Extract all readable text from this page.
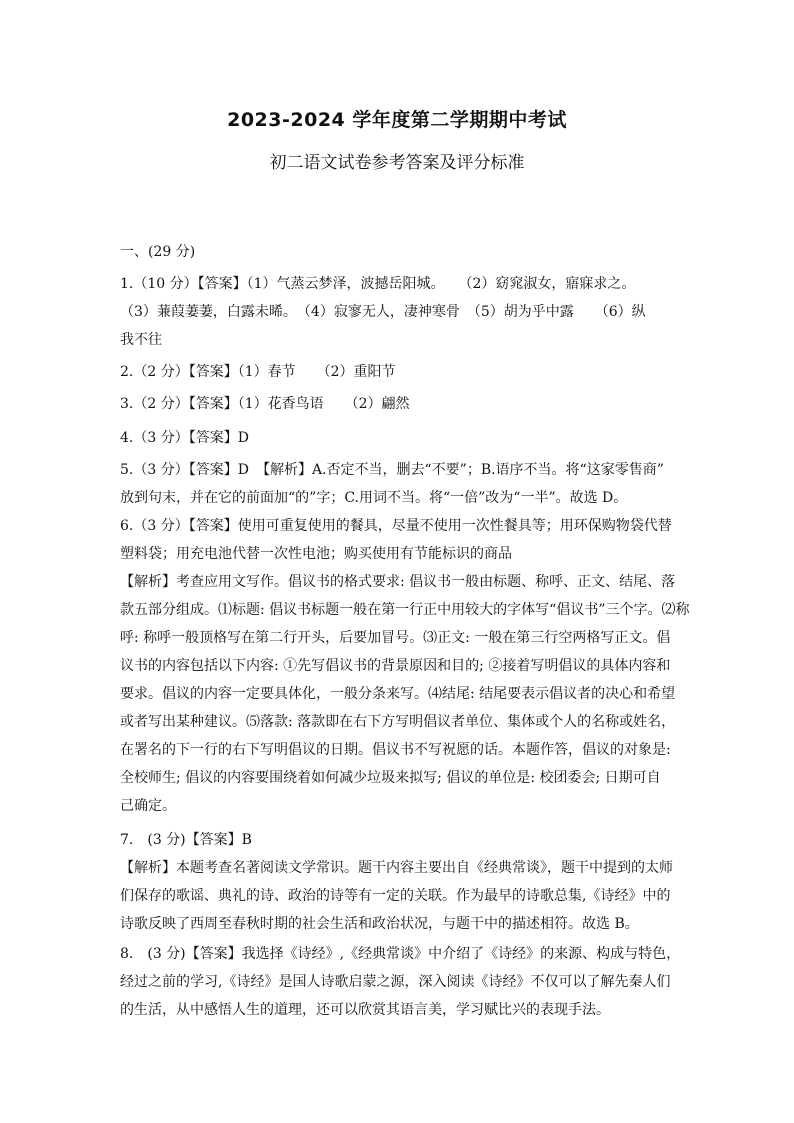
2023-2024 学年度第二学期期中考试
初二语文试卷参考答案及评分标准
一、(29 分)
1.（10 分）【答案】（1）气蒸云梦泽，波撼岳阳城。　　（2）窈窕淑女，寤寐求之。
（3）蒹葭萋萋，白露未晞。　（4）寂寥无人，凄神寒骨　（5）胡为乎中露　　（6）纵
我不往
2.（2 分）【答案】（1）春节　　（2）重阳节
3.（2 分）【答案】（1）花香鸟语　　（2）翩然
4.（3 分）【答案】D
5.（3 分）【答案】D　【解析】A.否定不当，删去“不要”；B.语序不当。将“这家零售商”
放到句末，并在它的前面加“的”字；C.用词不当。将“一倍”改为“一半”。故选 D。
6.（3 分）【答案】使用可重复使用的餐具，尽量不使用一次性餐具等；用环保购物袋代替
塑料袋；用充电池代替一次性电池；购买使用有节能标识的商品
【解析】考查应用文写作。倡议书的格式要求: 倡议书一般由标题、称呼、正文、结尾、落
款五部分组成。⑴标题: 倡议书标题一般在第一行正中用较大的字体写“倡议书”三个字。⑵称
呼: 称呼一般顶格写在第二行开头，后要加冒号。⑶正文: 一般在第三行空两格写正文。倡
议书的内容包括以下内容: ①先写倡议书的背景原因和目的; ②接着写明倡议的具体内容和
要求。倡议的内容一定要具体化，一般分条来写。⑷结尾: 结尾要表示倡议者的决心和希望
或者写出某种建议。⑸落款: 落款即在右下方写明倡议者单位、集体或个人的名称或姓名，
在署名的下一行的右下写明倡议的日期。倡议书不写祝愿的话。本题作答，倡议的对象是:
全校师生; 倡议的内容要围绕着如何减少垃圾来拟写; 倡议的单位是: 校团委会; 日期可自
己确定。
7.　(3 分)【答案】B
【解析】本题考查名著阅读文学常识。题干内容主要出自《经典常谈》，题干中提到的太师
们保存的歌谣、典礼的诗、政治的诗等有一定的关联。作为最早的诗歌总集,《诗经》中的
诗歌反映了西周至春秋时期的社会生活和政治状况，与题干中的描述相符。故选 B。
8.　(3 分)【答案】我选择《诗经》,《经典常谈》中介绍了《诗经》的来源、构成与特色，
经过之前的学习,《诗经》是国人诗歌启蒙之源，深入阅读《诗经》不仅可以了解先秦人们
的生活，从中感悟人生的道理，还可以欣赏其语言美，学习赋比兴的表现手法。
